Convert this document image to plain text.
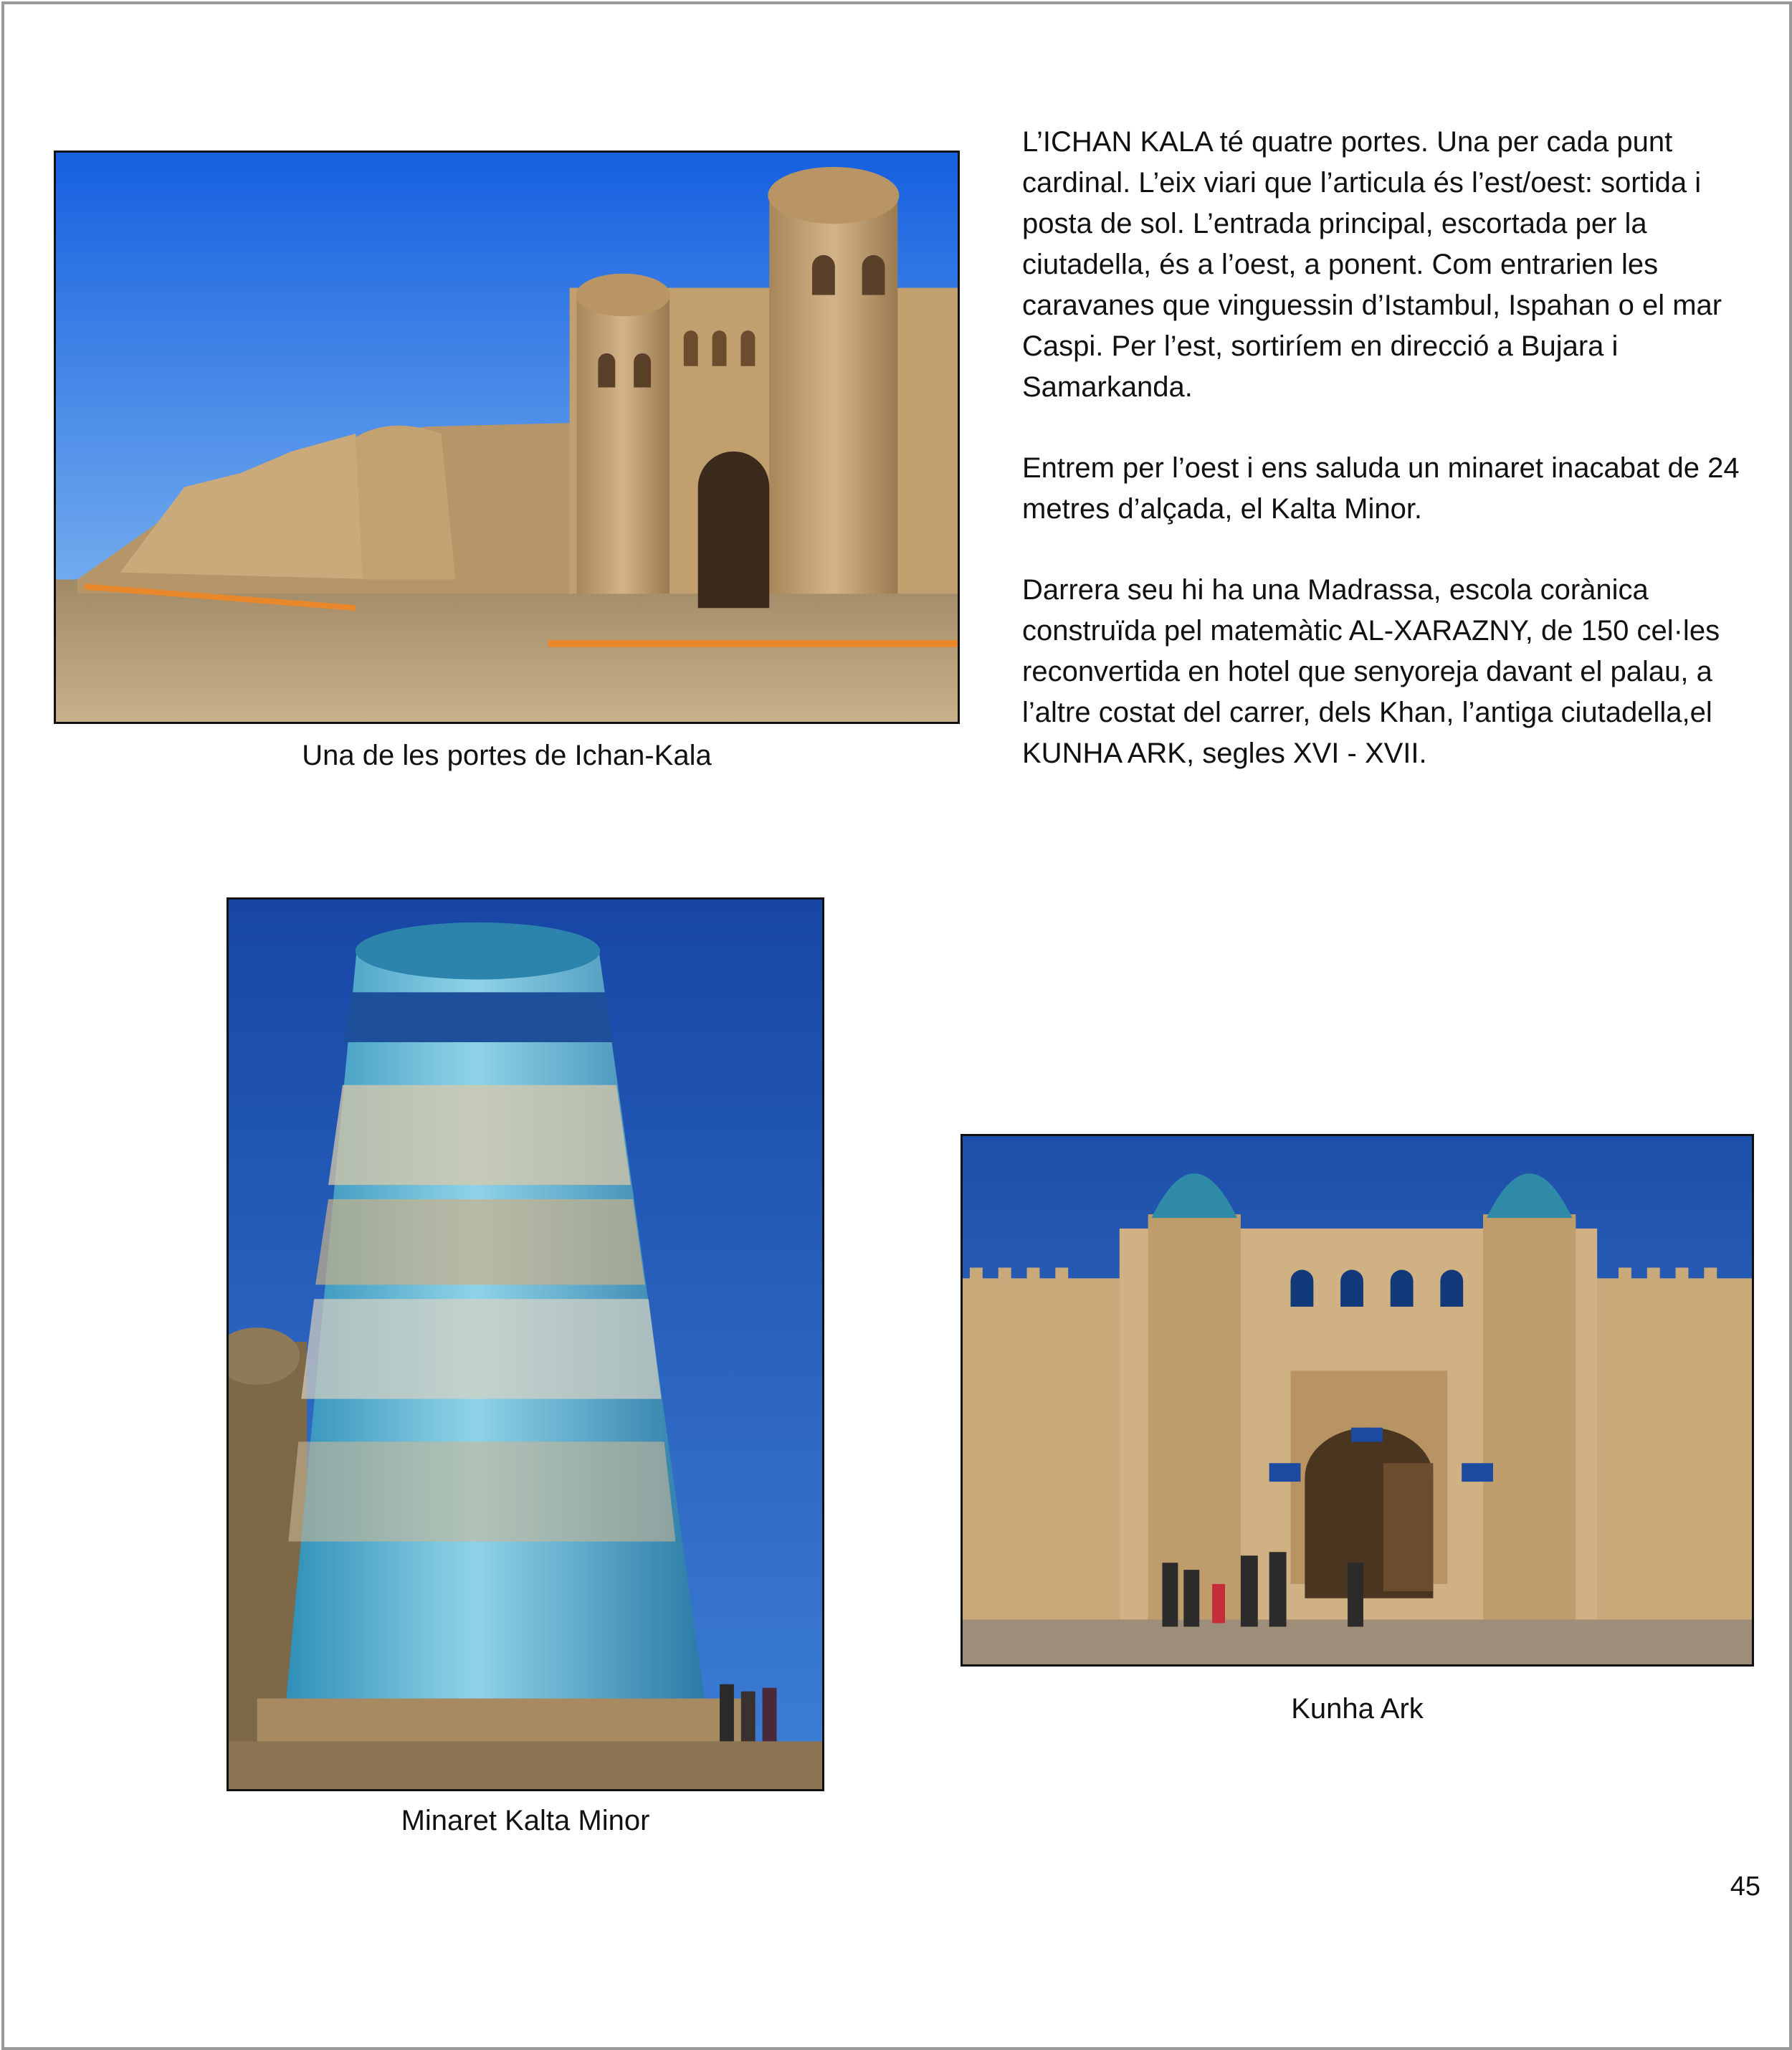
Una de les portes de Ichan-Kala

L’ICHAN KALA té quatre portes. Una per cada punt cardinal. L’eix viari que l’articula és l’est/oest: sortida i posta de sol. L’entrada principal, escortada per la ciutadella, és a l’oest, a ponent. Com entrarien les caravanes que vinguessin d’Istambul, Ispahan o el mar Caspi. Per l’est, sortiríem en direcció a Bujara i Samarkanda.

Entrem per l’oest i ens saluda un minaret inacabat de 24 metres d’alçada, el Kalta Minor.

Darrera seu hi ha una Madrassa, escola corànica construïda pel matemàtic AL-XARAZNY, de 150 cel·les reconvertida en hotel que senyoreja davant el palau, a l’altre costat del carrer, dels Khan, l’antiga ciutadella,el KUNHA ARK, segles XVI - XVII.

Minaret Kalta Minor
Kunha Ark
45
